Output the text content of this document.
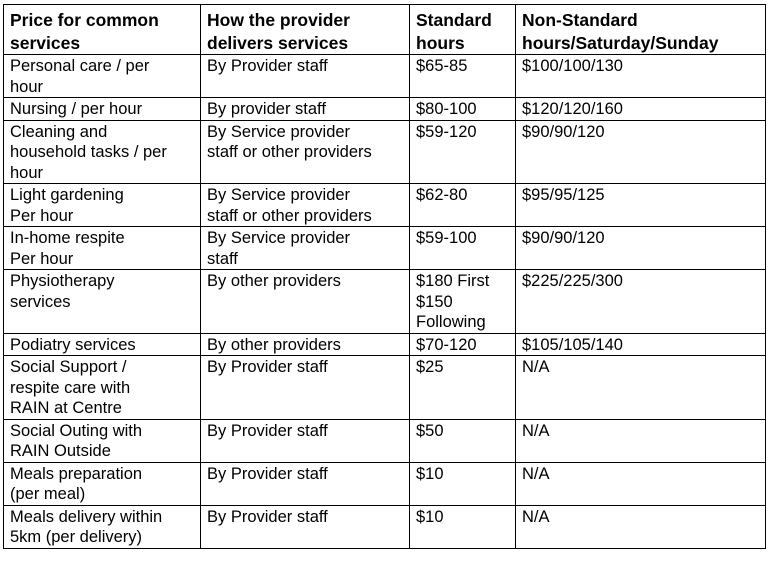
Price for common
services	How the provider
delivers services	Standard
hours	Non-Standard
hours/Saturday/Sunday

Personal care / per
hour	By Provider staff	$65-85	$100/100/130

Nursing / per hour	By provider staff	$80-100	$120/120/160

Cleaning and
household tasks / per
hour	By Service provider
staff or other providers	$59-120	$90/90/120

Light gardening
Per hour	By Service provider
staff or other providers	$62-80	$95/95/125

In-home respite
Per hour	By Service provider
staff	$59-100	$90/90/120

Physiotherapy
services	By other providers	$180 First
$150
Following	$225/225/300

Podiatry services	By other providers	$70-120	$105/105/140

Social Support /
respite care with
RAIN at Centre	By Provider staff	$25	N/A

Social Outing with
RAIN Outside	By Provider staff	$50	N/A

Meals preparation
(per meal)	By Provider staff	$10	N/A

Meals delivery within
5km (per delivery)	By Provider staff	$10	N/A
